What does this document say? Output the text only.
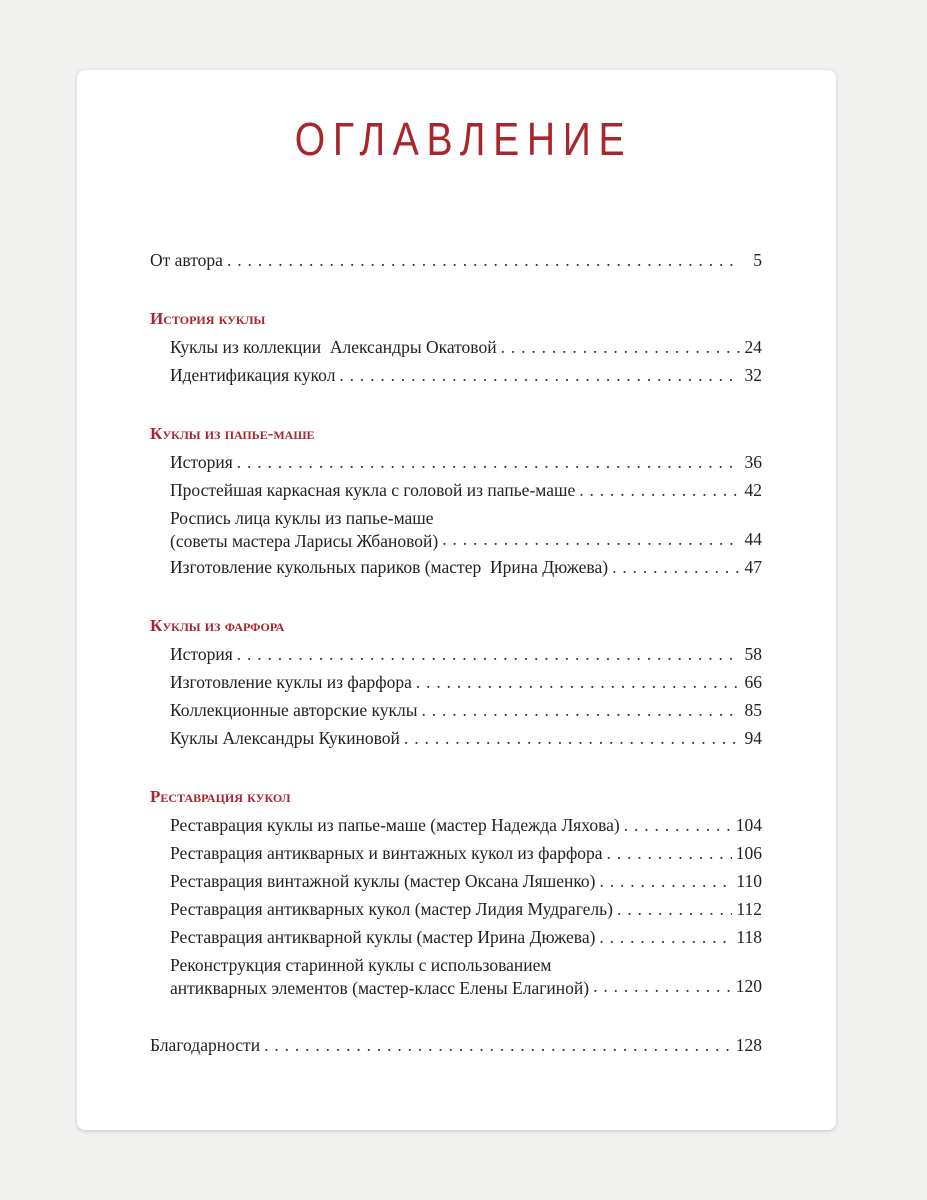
ОГЛАВЛЕНИЕ
От автора . . .	5
История куклы
Куклы из коллекции  Александры Окатовой . . .	24
Идентификация кукол . . .	32
Куклы из папье-маше
История . . .	36
Простейшая каркасная кукла с головой из папье-маше . . .	42
Роспись лица куклы из папье-маше
(советы мастера Ларисы Жбановой) . . .	44
Изготовление кукольных париков (мастер  Ирина Дюжева) . . .	47
Куклы из фарфора
История . . .	58
Изготовление куклы из фарфора . . .	66
Коллекционные авторские куклы . . .	85
Куклы Александры Кукиновой . . .	94
Реставрация кукол
Реставрация куклы из папье-маше (мастер Надежда Ляхова) . . .	104
Реставрация антикварных и винтажных кукол из фарфора . . .	106
Реставрация винтажной куклы (мастер Оксана Ляшенко) . . .	110
Реставрация антикварных кукол (мастер Лидия Мудрагель) . . .	112
Реставрация антикварной куклы (мастер Ирина Дюжева) . . .	118
Реконструкция старинной куклы с использованием
антикварных элементов (мастер-класс Елены Елагиной) . . .	120
Благодарности . . .	128
